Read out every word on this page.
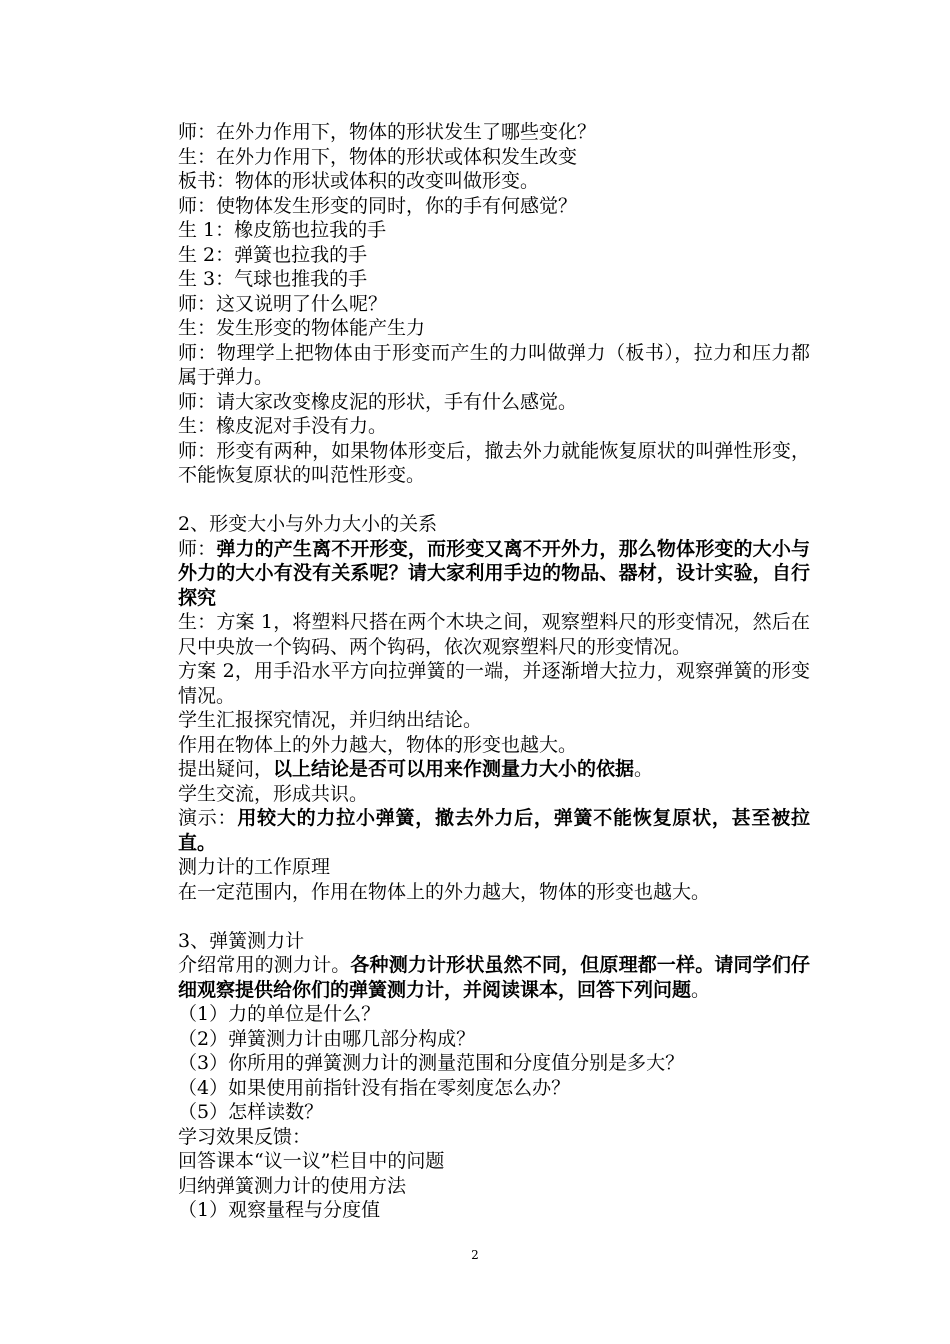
师：在外力作用下，物体的形状发生了哪些变化？

生：在外力作用下，物体的形状或体积发生改变

板书：物体的形状或体积的改变叫做形变。

师：使物体发生形变的同时，你的手有何感觉？

生 1：橡皮筋也拉我的手

生 2：弹簧也拉我的手

生 3：气球也推我的手

师：这又说明了什么呢？

生：发生形变的物体能产生力

师：物理学上把物体由于形变而产生的力叫做弹力（板书），拉力和压力都属于弹力。

师：请大家改变橡皮泥的形状，手有什么感觉。

生：橡皮泥对手没有力。

师：形变有两种，如果物体形变后，撤去外力就能恢复原状的叫弹性形变，不能恢复原状的叫范性形变。

2、形变大小与外力大小的关系

师：弹力的产生离不开形变，而形变又离不开外力，那么物体形变的大小与外力的大小有没有关系呢？请大家利用手边的物品、器材，设计实验，自行探究

生：方案 1，将塑料尺搭在两个木块之间，观察塑料尺的形变情况，然后在尺中央放一个钩码、两个钩码，依次观察塑料尺的形变情况。

方案 2，用手沿水平方向拉弹簧的一端，并逐渐增大拉力，观察弹簧的形变情况。

学生汇报探究情况，并归纳出结论。

作用在物体上的外力越大，物体的形变也越大。

提出疑问，以上结论是否可以用来作测量力大小的依据。

学生交流，形成共识。

演示：用较大的力拉小弹簧，撤去外力后，弹簧不能恢复原状，甚至被拉直。

测力计的工作原理

在一定范围内，作用在物体上的外力越大，物体的形变也越大。

3、弹簧测力计

介绍常用的测力计。各种测力计形状虽然不同，但原理都一样。请同学们仔细观察提供给你们的弹簧测力计，并阅读课本，回答下列问题。

（1）力的单位是什么？

（2）弹簧测力计由哪几部分构成？

（3）你所用的弹簧测力计的测量范围和分度值分别是多大？

（4）如果使用前指针没有指在零刻度怎么办？

（5）怎样读数？

学习效果反馈：

回答课本“议一议”栏目中的问题

归纳弹簧测力计的使用方法

（1）观察量程与分度值

2
